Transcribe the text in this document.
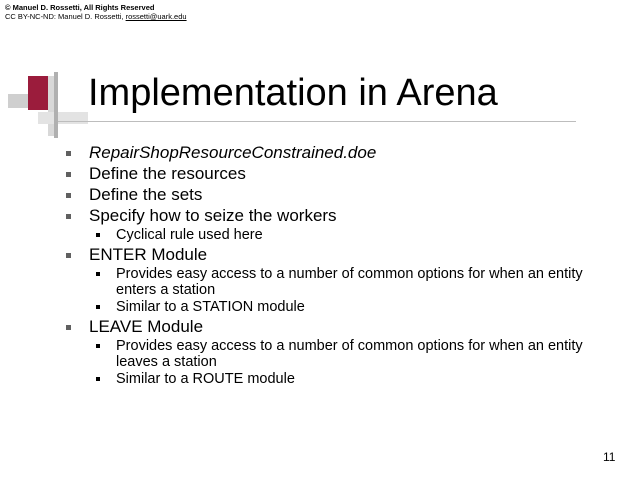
© Manuel D. Rossetti, All Rights Reserved
CC BY-NC-ND: Manuel D. Rossetti, rossetti@uark.edu
Implementation in Arena
RepairShopResourceConstrained.doe
Define the resources
Define the sets
Specify how to seize the workers
Cyclical rule used here
ENTER Module
Provides easy access to a number of common options for when an entity enters a station
Similar to a STATION module
LEAVE Module
Provides easy access to a number of common options for when an entity leaves a station
Similar to a ROUTE module
11
